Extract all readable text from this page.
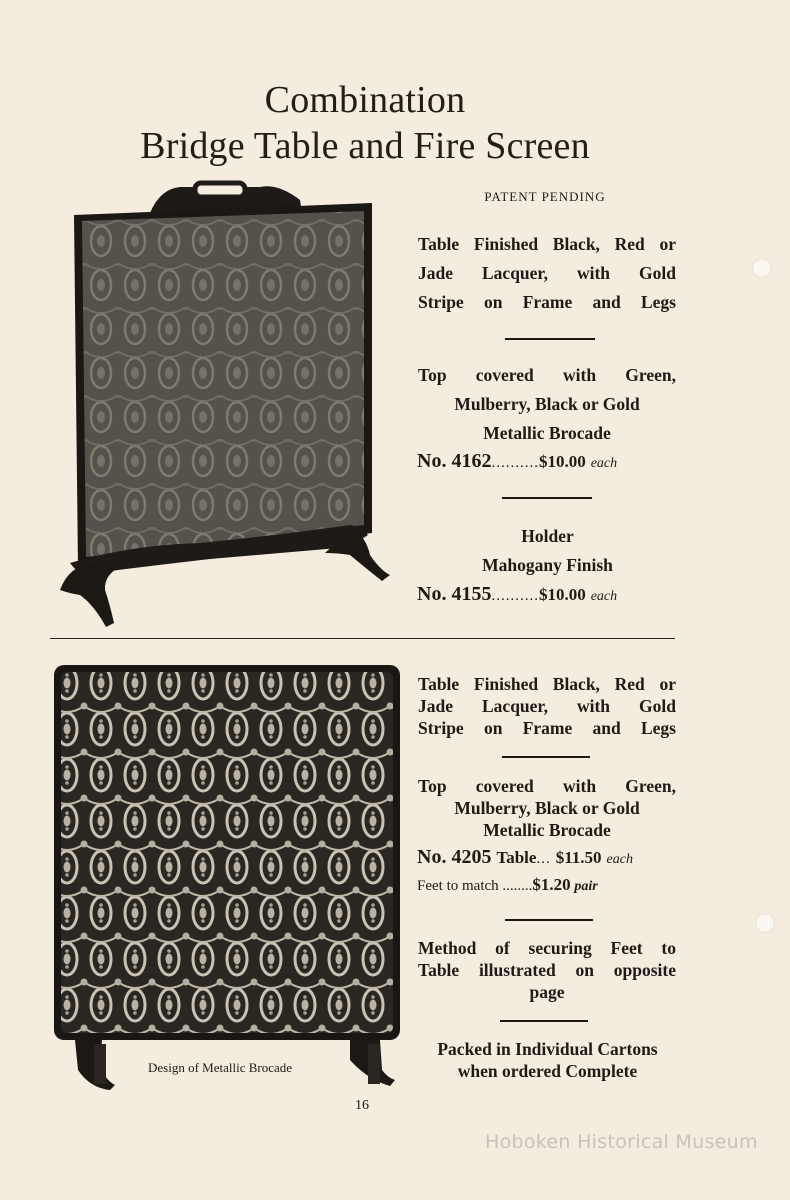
Combination
Bridge Table and Fire Screen
PATENT PENDING
Table Finished Black, Red or
Jade Lacquer, with Gold
Stripe on Frame and Legs
Top covered with Green,
Mulberry, Black or Gold
Metallic Brocade
No. 4162..........$10.00 each
Holder
Mahogany Finish
No. 4155..........$10.00 each
Design of Metallic Brocade
Table Finished Black, Red or
Jade Lacquer, with Gold
Stripe on Frame and Legs
Top covered with Green,
Mulberry, Black or Gold
Metallic Brocade
No. 4205 Table... $11.50 each
Feet to match ........$1.20 pair
Method of securing Feet to
Table illustrated on opposite
page
Packed in Individual Cartons
when ordered Complete
16
Hoboken Historical Museum
